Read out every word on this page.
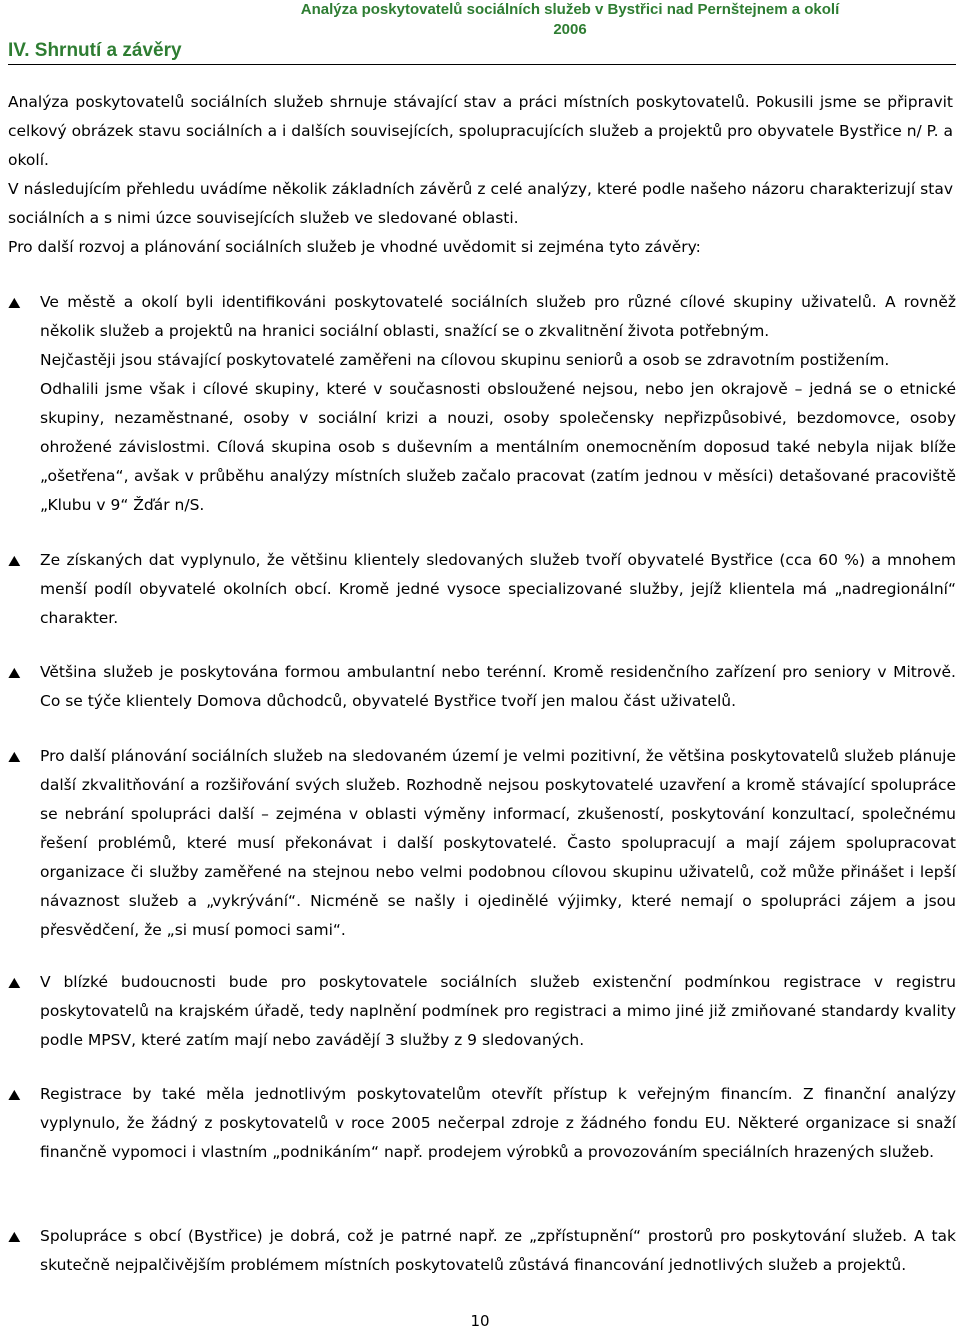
Analýza poskytovatelů sociálních služeb v Bystřici nad Pernštejnem a okolí
2006
IV. Shrnutí a závěry

Analýza poskytovatelů sociálních služeb shrnuje stávající stav a práci místních poskytovatelů. Pokusili jsme se připravit celkový obrázek stavu sociálních a i dalších souvisejících, spolupracujících služeb a projektů pro obyvatele Bystřice n/ P. a okolí.

V následujícím přehledu uvádíme několik základních závěrů z celé analýzy, které podle našeho názoru charakterizují stav sociálních a s nimi úzce souvisejících služeb ve sledované oblasti.

Pro další rozvoj a plánování sociálních služeb je vhodné uvědomit si zejména tyto závěry:

⛰	Ve městě a okolí byli identifikováni poskytovatelé sociálních služeb pro různé cílové skupiny uživatelů. A rovněž několik služeb a projektů na hranici sociální oblasti, snažící se o zkvalitnění života potřebným.

Nejčastěji jsou stávající poskytovatelé zaměřeni na cílovou skupinu seniorů a osob se zdravotním postižením.

Odhalili jsme však i cílové skupiny, které v současnosti obsloužené nejsou, nebo jen okrajově – jedná se o etnické skupiny, nezaměstnané, osoby v sociální krizi a nouzi, osoby společensky nepřizpůsobivé, bezdomovce, osoby ohrožené závislostmi. Cílová skupina osob s duševním a mentálním onemocněním doposud také nebyla nijak blíže „ošetřena“, avšak v průběhu analýzy místních služeb začalo pracovat (zatím jednou v měsíci) detašované pracoviště „Klubu v 9“ Žďár n/S.

⛰	Ze získaných dat vyplynulo, že většinu klientely sledovaných služeb tvoří obyvatelé Bystřice (cca 60 %) a mnohem menší podíl obyvatelé okolních obcí. Kromě jedné vysoce specializované služby, jejíž klientela má „nadregionální“ charakter.

⛰	Většina služeb je poskytována formou ambulantní nebo terénní. Kromě residenčního zařízení pro seniory v Mitrově. Co se týče klientely Domova důchodců, obyvatelé Bystřice tvoří jen malou část uživatelů.

⛰	Pro další plánování sociálních služeb na sledovaném území je velmi pozitivní, že většina poskytovatelů služeb plánuje další zkvalitňování a rozšiřování svých služeb. Rozhodně nejsou poskytovatelé uzavření a kromě stávající spolupráce se nebrání spolupráci další – zejména v oblasti výměny informací, zkušeností, poskytování konzultací, společnému řešení problémů, které musí překonávat i další poskytovatelé. Často spolupracují a mají zájem spolupracovat organizace či služby zaměřené na stejnou nebo velmi podobnou cílovou skupinu uživatelů, což může přinášet i lepší návaznost služeb a „vykrývání“. Nicméně se našly i ojedinělé výjimky, které nemají o spolupráci zájem a jsou přesvědčení, že „si musí pomoci sami“.

⛰	V blízké budoucnosti bude pro poskytovatele sociálních služeb existenční podmínkou registrace v registru poskytovatelů na krajském úřadě, tedy naplnění podmínek pro registraci a mimo jiné již zmiňované standardy kvality podle MPSV, které zatím mají nebo zavádějí 3 služby z 9 sledovaných.

⛰	Registrace by také měla jednotlivým poskytovatelům otevřít přístup k veřejným financím. Z finanční analýzy vyplynulo, že žádný z poskytovatelů v roce 2005 nečerpal zdroje z žádného fondu EU. Některé organizace si snaží finančně vypomoci i vlastním „podnikáním“ např. prodejem výrobků a provozováním speciálních hrazených služeb.

⛰	Spolupráce s obcí (Bystřice) je dobrá, což je patrné např. ze „zpřístupnění“ prostorů pro poskytování služeb. A tak skutečně nejpalčivějším problémem místních poskytovatelů zůstává financování jednotlivých služeb a projektů.

10
